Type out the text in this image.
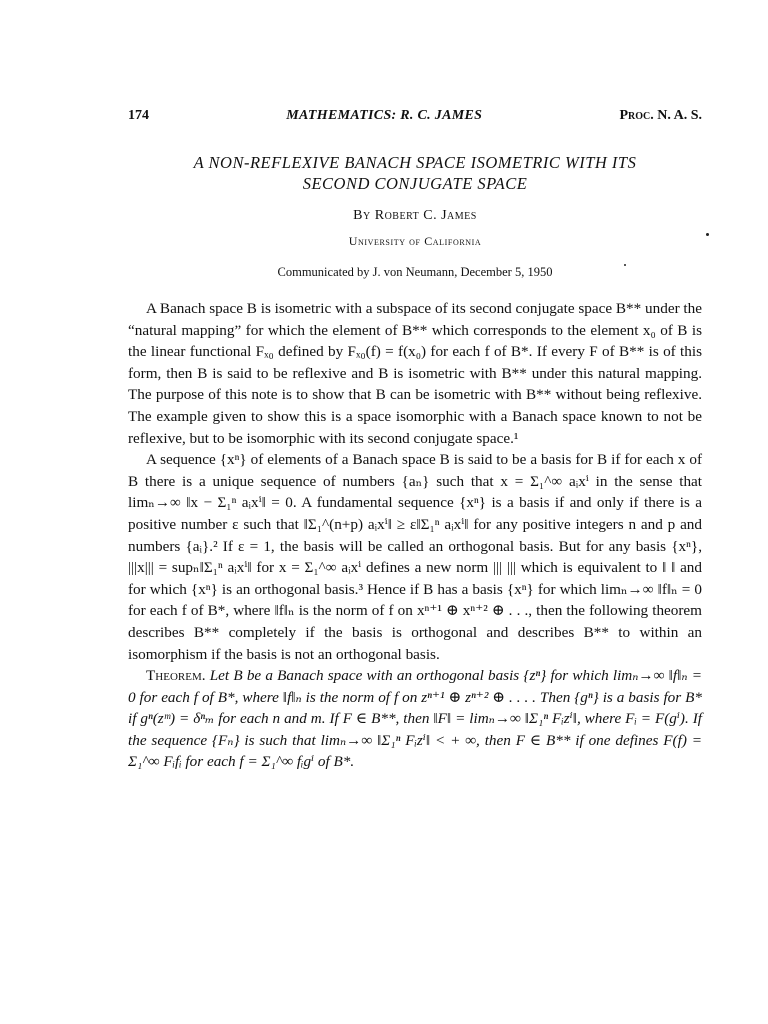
174	MATHEMATICS: R. C. JAMES	Proc. N. A. S.
A NON-REFLEXIVE BANACH SPACE ISOMETRIC WITH ITS
SECOND CONJUGATE SPACE
By Robert C. James
University of California
Communicated by J. von Neumann, December 5, 1950

A Banach space B is isometric with a subspace of its second conjugate space B** under the “natural mapping” for which the element of B** which corresponds to the element x₀ of B is the linear functional Fₓ₀ defined by Fₓ₀(f) = f(x₀) for each f of B*. If every F of B** is of this form, then B is said to be reflexive and B is isometric with B** under this natural mapping. The purpose of this note is to show that B can be isometric with B** without being reflexive. The example given to show this is a space isomorphic with a Banach space known to not be reflexive, but to be isomorphic with its second conjugate space.¹

A sequence {xⁿ} of elements of a Banach space B is said to be a basis for B if for each x of B there is a unique sequence of numbers {aₙ} such that x = Σ₁^∞ aᵢxⁱ in the sense that limₙ→∞ ‖x − Σ₁ⁿ aᵢxⁱ‖ = 0. A fundamental sequence {xⁿ} is a basis if and only if there is a positive number ε such that ‖Σ₁^(n+p) aᵢxⁱ‖ ≥ ε‖Σ₁ⁿ aᵢxⁱ‖ for any positive integers n and p and numbers {aᵢ}.² If ε = 1, the basis will be called an orthogonal basis. But for any basis {xⁿ}, |||x||| = supₙ‖Σ₁ⁿ aᵢxⁱ‖ for x = Σ₁^∞ aᵢxⁱ defines a new norm ||| ||| which is equivalent to ‖ ‖ and for which {xⁿ} is an orthogonal basis.³ Hence if B has a basis {xⁿ} for which limₙ→∞ ‖f‖ₙ = 0 for each f of B*, where ‖f‖ₙ is the norm of f on xⁿ⁺¹ ⊕ xⁿ⁺² ⊕ . . ., then the following theorem describes B** completely if the basis is orthogonal and describes B** to within an isomorphism if the basis is not an orthogonal basis.

Theorem. Let B be a Banach space with an orthogonal basis {zⁿ} for which limₙ→∞ ‖f‖ₙ = 0 for each f of B*, where ‖f‖ₙ is the norm of f on zⁿ⁺¹ ⊕ zⁿ⁺² ⊕ . . . . Then {gⁿ} is a basis for B* if gⁿ(zᵐ) = δⁿₘ for each n and m. If F ∈ B**, then ‖F‖ = limₙ→∞ ‖Σ₁ⁿ Fᵢzⁱ‖, where Fᵢ = F(gⁱ). If the sequence {Fₙ} is such that limₙ→∞ ‖Σ₁ⁿ Fᵢzⁱ‖ < + ∞, then F ∈ B** if one defines F(f) = Σ₁^∞ Fᵢfᵢ for each f = Σ₁^∞ fᵢgⁱ of B*.
